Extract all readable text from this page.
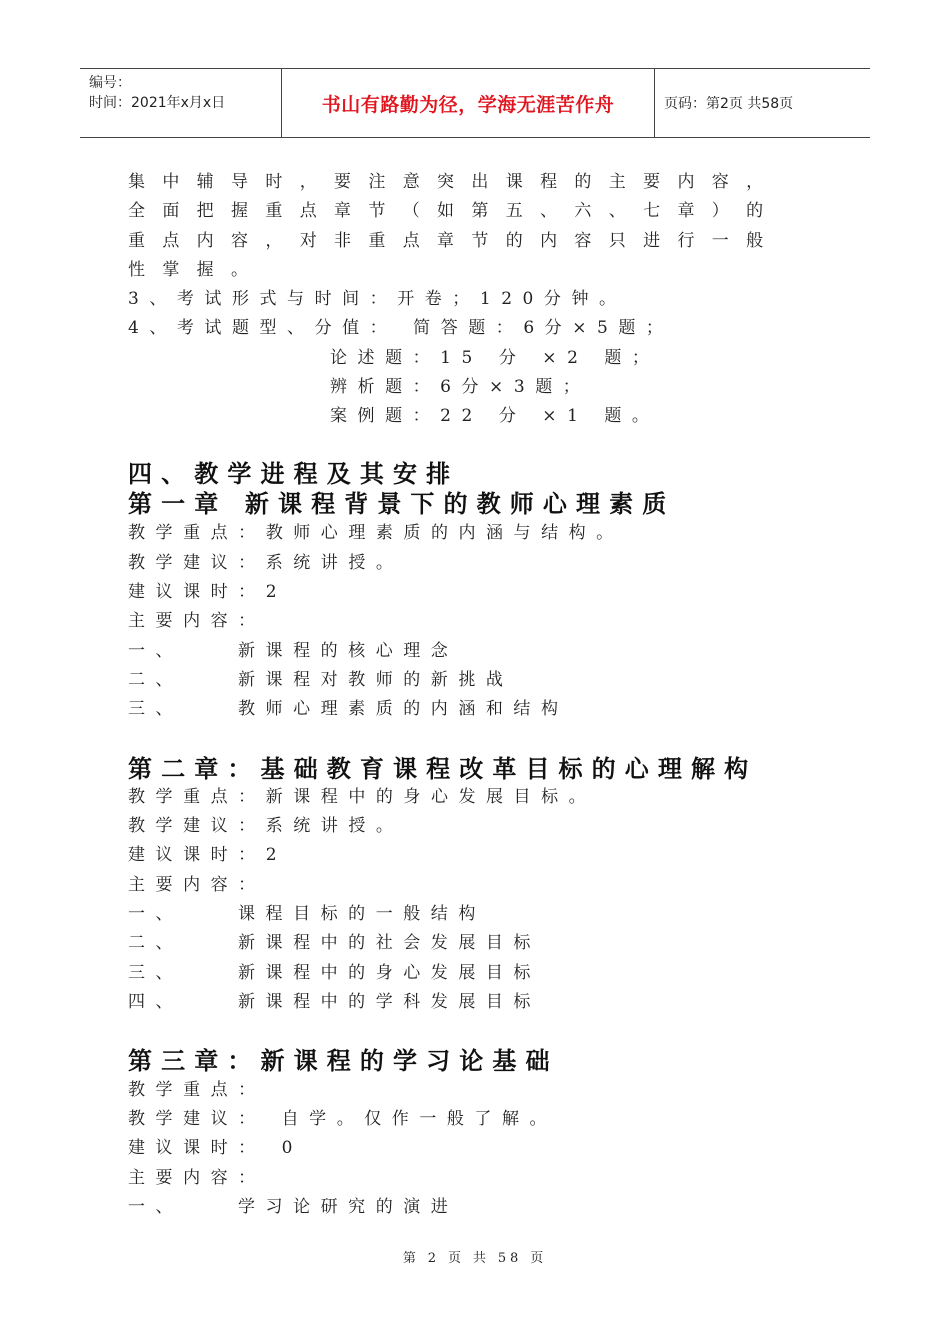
编号：
时间：2021年x月x日	书山有路勤为径，学海无涯苦作舟	页码：第2页 共58页
集中辅导时，要注意突出课程的主要内容，
全面把握重点章节（如第五、六、七章）的
重点内容，对非重点章节的内容只进行一般
性掌握。
3、考试形式与时间：开卷；120分钟。
4、考试题型、分值： 简答题：6分×5题；
论述题：15 分 ×2 题；
辨析题：6分×3题；
案例题：22 分 ×1 题。
四、教学进程及其安排
第一章 新课程背景下的教师心理素质
教学重点：教师心理素质的内涵与结构。
教学建议：系统讲授。
建议课时：2
主要内容：
一、	新课程的核心理念
二、	新课程对教师的新挑战
三、	教师心理素质的内涵和结构
第二章：基础教育课程改革目标的心理解构
教学重点：新课程中的身心发展目标。
教学建议：系统讲授。
建议课时：2
主要内容：
一、	课程目标的一般结构
二、	新课程中的社会发展目标
三、	新课程中的身心发展目标
四、	新课程中的学科发展目标
第三章：新课程的学习论基础
教学重点：
教学建议： 自学。仅作一般了解。
建议课时： 0
主要内容：
一、	学习论研究的演进
第 2 页 共 58 页
